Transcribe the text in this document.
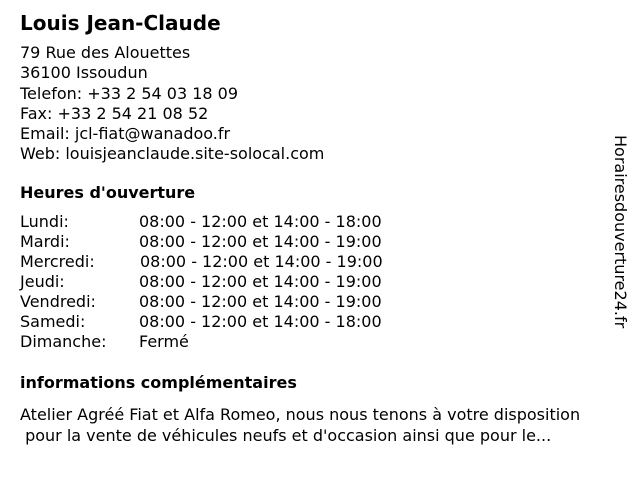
Louis Jean-Claude
79 Rue des Alouettes
36100 Issoudun
Telefon: +33 2 54 03 18 09
Fax: +33 2 54 21 08 52
Email: jcl-fiat@wanadoo.fr
Web: louisjeanclaude.site-solocal.com
Heures d'ouverture
Lundi:	08:00 - 12:00 et 14:00 - 18:00
Mardi:	08:00 - 12:00 et 14:00 - 19:00
Mercredi:	08:00 - 12:00 et 14:00 - 19:00
Jeudi:	08:00 - 12:00 et 14:00 - 19:00
Vendredi:	08:00 - 12:00 et 14:00 - 19:00
Samedi:	08:00 - 12:00 et 14:00 - 18:00
Dimanche: Fermé
informations complémentaires
Atelier Agréé Fiat et Alfa Romeo, nous nous tenons à votre disposition
pour la vente de véhicules neufs et d'occasion ainsi que pour le...
Horairesdouverture24.fr
